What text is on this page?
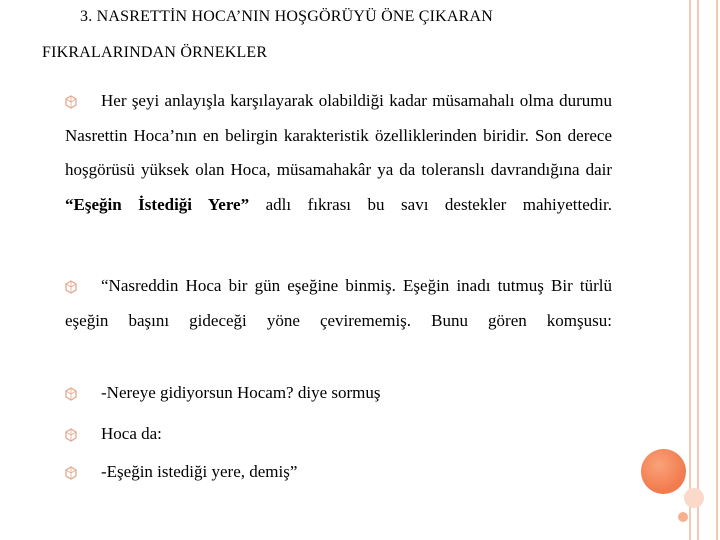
3. NASRETTİN HOCA’NIN HOŞGÖRÜYÜ ÖNE ÇIKARAN
FIKRALARINDAN ÖRNEKLER
Her şeyi anlayışla karşılayarak olabildiği kadar müsamahalı olma durumu Nasrettin Hoca’nın en belirgin karakteristik özelliklerinden biridir. Son derece hoşgörüsü yüksek olan Hoca, müsamahakâr ya da toleranslı davrandığına dair “Eşeğin İstediği Yere” adlı fıkrası bu savı destekler mahiyettedir.
“Nasreddin Hoca bir gün eşeğine binmiş. Eşeğin inadı tutmuş Bir türlü eşeğin başını gideceği yöne çevirememiş. Bunu gören komşusu:
-Nereye gidiyorsun Hocam? diye sormuş
Hoca da:
-Eşeğin istediği yere, demiş”
